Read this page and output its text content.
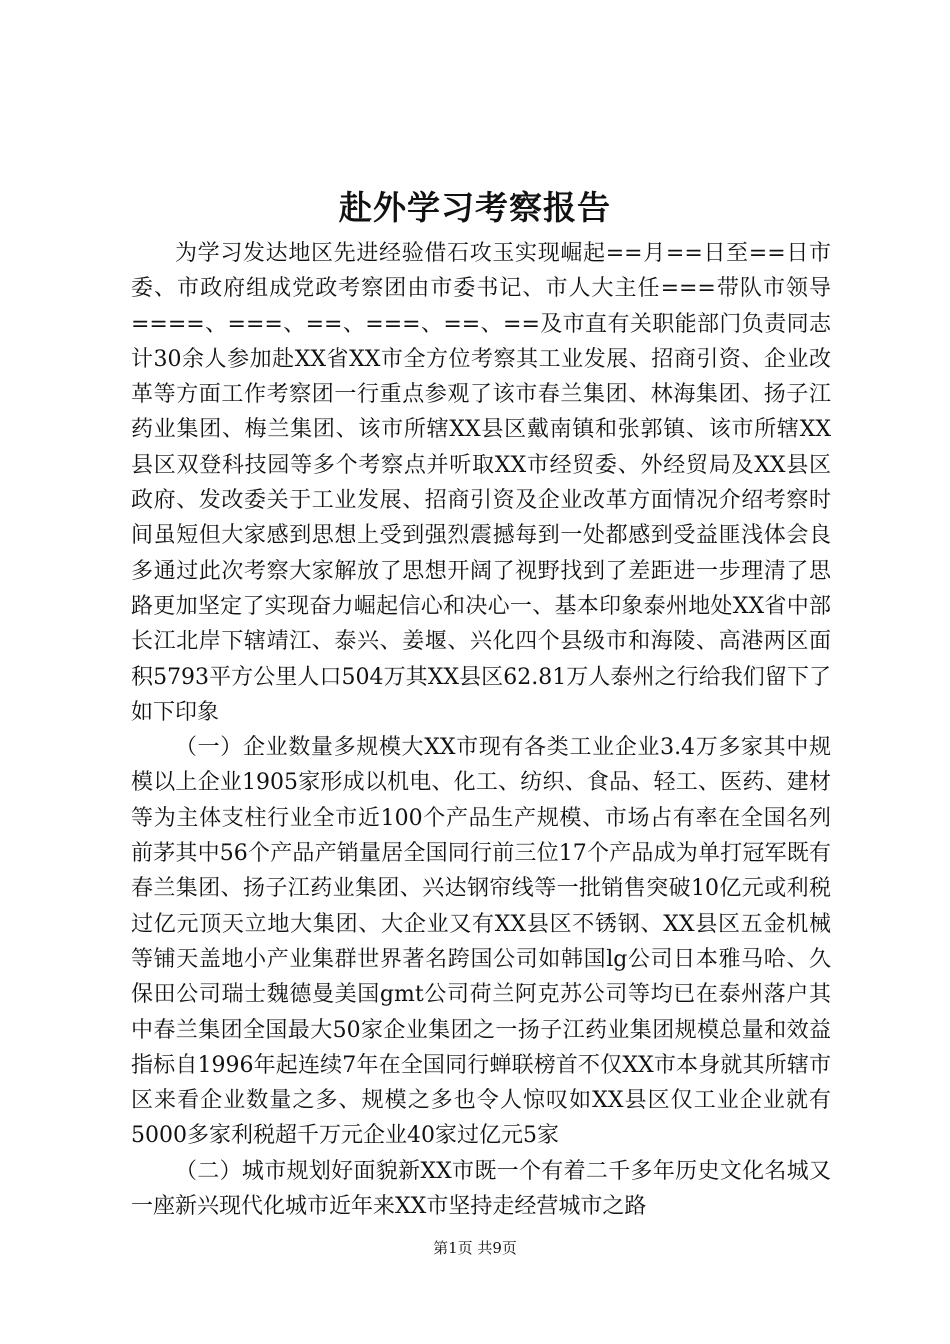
赴外学习考察报告

为学习发达地区先进经验借石攻玉实现崛起==月==日至==日市委、市政府组成党政考察团由市委书记、市人大主任===带队市领导====、===、==、===、==、==及市直有关职能部门负责同志计30余人参加赴XX省XX市全方位考察其工业发展、招商引资、企业改革等方面工作考察团一行重点参观了该市春兰集团、林海集团、扬子江药业集团、梅兰集团、该市所辖XX县区戴南镇和张郭镇、该市所辖XX县区双登科技园等多个考察点并听取XX市经贸委、外经贸局及XX县区政府、发改委关于工业发展、招商引资及企业改革方面情况介绍考察时间虽短但大家感到思想上受到强烈震撼每到一处都感到受益匪浅体会良多通过此次考察大家解放了思想开阔了视野找到了差距进一步理清了思路更加坚定了实现奋力崛起信心和决心一、基本印象泰州地处XX省中部长江北岸下辖靖江、泰兴、姜堰、兴化四个县级市和海陵、高港两区面积5793平方公里人口504万其XX县区62.81万人泰州之行给我们留下了如下印象

（一）企业数量多规模大XX市现有各类工业企业3.4万多家其中规模以上企业1905家形成以机电、化工、纺织、食品、轻工、医药、建材等为主体支柱行业全市近100个产品生产规模、市场占有率在全国名列前茅其中56个产品产销量居全国同行前三位17个产品成为单打冠军既有春兰集团、扬子江药业集团、兴达钢帘线等一批销售突破10亿元或利税过亿元顶天立地大集团、大企业又有XX县区不锈钢、XX县区五金机械等铺天盖地小产业集群世界著名跨国公司如韩国lg公司日本雅马哈、久保田公司瑞士魏德曼美国gmt公司荷兰阿克苏公司等均已在泰州落户其中春兰集团全国最大50家企业集团之一扬子江药业集团规模总量和效益指标自1996年起连续7年在全国同行蝉联榜首不仅XX市本身就其所辖市区来看企业数量之多、规模之多也令人惊叹如XX县区仅工业企业就有5000多家利税超千万元企业40家过亿元5家

（二）城市规划好面貌新XX市既一个有着二千多年历史文化名城又一座新兴现代化城市近年来XX市坚持走经营城市之路

第1页 共9页
